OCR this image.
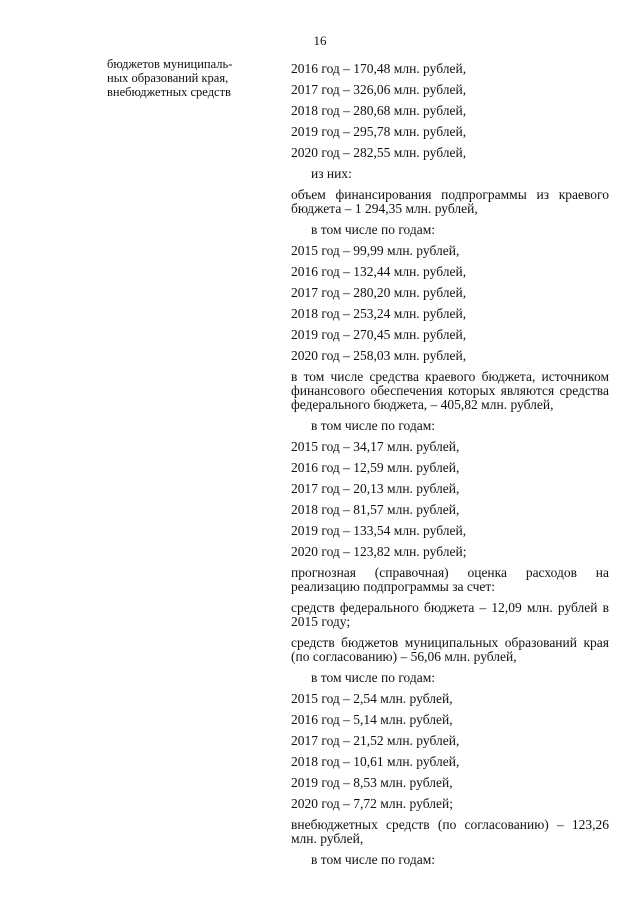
16
бюджетов муниципаль-
ных образований края,
внебюджетных средств
2016 год – 170,48 млн. рублей,
2017 год – 326,06 млн. рублей,
2018 год – 280,68 млн. рублей,
2019 год – 295,78 млн. рублей,
2020 год – 282,55 млн. рублей,
из них:
объем финансирования подпрограммы из краевого бюджета – 1 294,35 млн. рублей,
в том числе по годам:
2015 год – 99,99 млн. рублей,
2016 год – 132,44 млн. рублей,
2017 год – 280,20 млн. рублей,
2018 год – 253,24 млн. рублей,
2019 год – 270,45 млн. рублей,
2020 год – 258,03 млн. рублей,
в том числе средства краевого бюджета, источником финансового обеспечения которых являются средства федерального бюджета, – 405,82 млн. рублей,
в том числе по годам:
2015 год – 34,17 млн. рублей,
2016 год – 12,59 млн. рублей,
2017 год – 20,13 млн. рублей,
2018 год – 81,57 млн. рублей,
2019 год – 133,54 млн. рублей,
2020 год – 123,82 млн. рублей;
прогнозная (справочная) оценка расходов на реализацию подпрограммы за счет:
средств федерального бюджета – 12,09 млн. рублей в 2015 году;
средств бюджетов муниципальных образований края (по согласованию) – 56,06 млн. рублей,
в том числе по годам:
2015 год – 2,54 млн. рублей,
2016 год – 5,14 млн. рублей,
2017 год – 21,52 млн. рублей,
2018 год – 10,61 млн. рублей,
2019 год – 8,53 млн. рублей,
2020 год – 7,72 млн. рублей;
внебюджетных средств (по согласованию) – 123,26 млн. рублей,
в том числе по годам:
